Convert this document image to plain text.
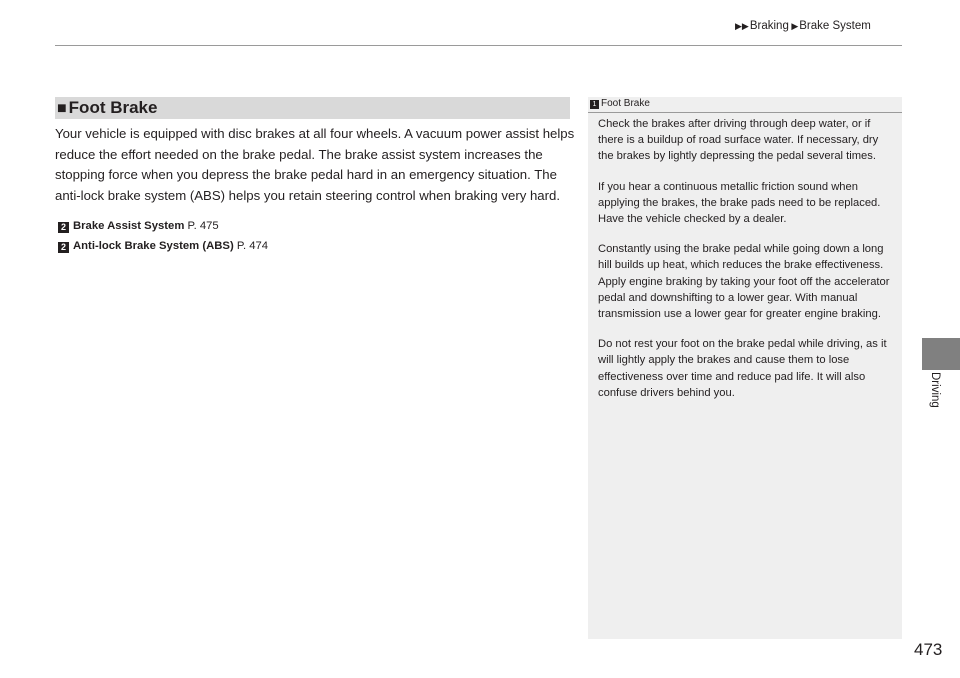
▶▶Braking ▶Brake System
■ Foot Brake
Your vehicle is equipped with disc brakes at all four wheels. A vacuum power assist helps reduce the effort needed on the brake pedal. The brake assist system increases the stopping force when you depress the brake pedal hard in an emergency situation. The anti-lock brake system (ABS) helps you retain steering control when braking very hard.
2 Brake Assist System P. 475
2 Anti-lock Brake System (ABS) P. 474
1 Foot Brake

Check the brakes after driving through deep water, or if there is a buildup of road surface water. If necessary, dry the brakes by lightly depressing the pedal several times.

If you hear a continuous metallic friction sound when applying the brakes, the brake pads need to be replaced. Have the vehicle checked by a dealer.

Constantly using the brake pedal while going down a long hill builds up heat, which reduces the brake effectiveness. Apply engine braking by taking your foot off the accelerator pedal and downshifting to a lower gear. With manual transmission use a lower gear for greater engine braking.

Do not rest your foot on the brake pedal while driving, as it will lightly apply the brakes and cause them to lose effectiveness over time and reduce pad life. It will also confuse drivers behind you.	Driving
473
